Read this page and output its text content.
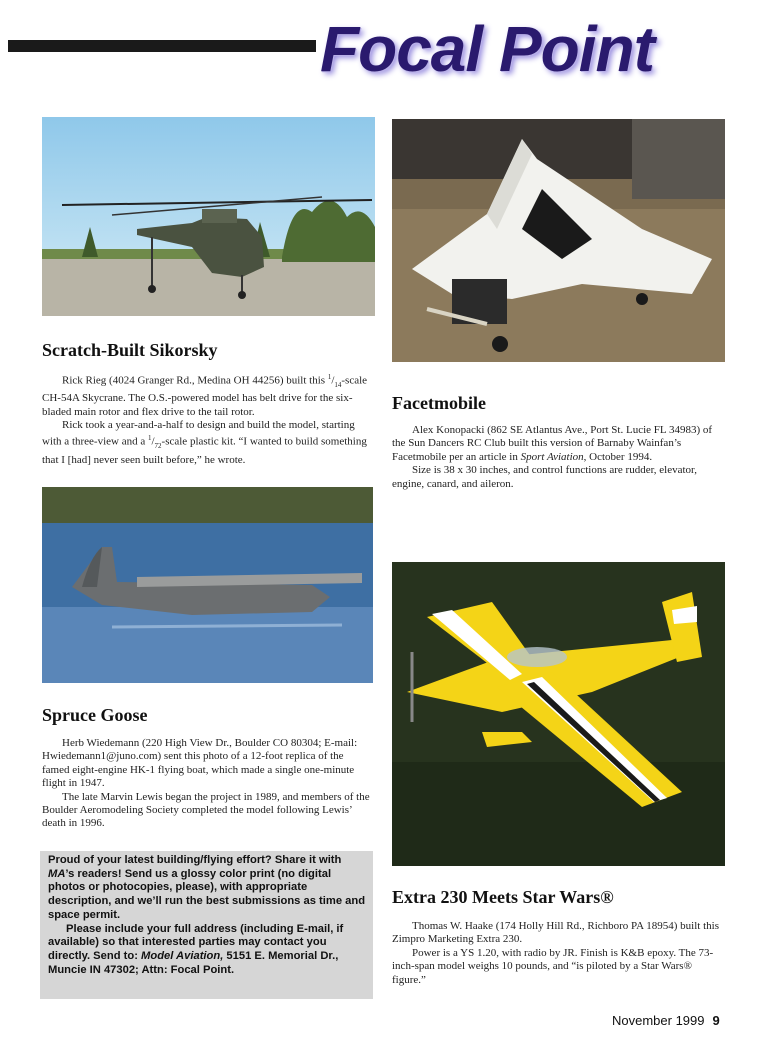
Focal Point
Scratch-Built Sikorsky

Rick Rieg (4024 Granger Rd., Medina OH 44256) built this $^1/_{14}$-scale CH-54A Skycrane. The O.S.-powered model has belt drive for the six-bladed main rotor and flex drive to the tail rotor.

Rick took a year-and-a-half to design and build the model, starting with a three-view and a $^1/_{72}$-scale plastic kit. “I wanted to build something that I [had] never seen built before,” he wrote.

Facetmobile

Alex Konopacki (862 SE Atlantus Ave., Port St. Lucie FL 34983) of the Sun Dancers RC Club built this version of Barnaby Wainfan’s Facetmobile per an article in Sport Aviation, October 1994.

Size is 38 x 30 inches, and control functions are rudder, elevator, engine, canard, and aileron.

Spruce Goose

Herb Wiedemann (220 High View Dr., Boulder CO 80304; E-mail: Hwiedemann1@juno.com) sent this photo of a 12-foot replica of the famed eight-engine HK-1 flying boat, which made a single one-minute flight in 1947.

The late Marvin Lewis began the project in 1989, and members of the Boulder Aeromodeling Society completed the model following Lewis’ death in 1996.

Extra 230 Meets Star Wars®

Thomas W. Haake (174 Holly Hill Rd., Richboro PA 18954) built this Zimpro Marketing Extra 230.

Power is a YS 1.20, with radio by JR. Finish is K&B epoxy. The 73-inch-span model weighs 10 pounds, and “is piloted by a Star Wars® figure.”

Proud of your latest building/flying effort? Share it with MA’s readers! Send us a glossy color print (no digital photos or photocopies, please), with appropriate description, and we’ll run the best submissions as time and space permit.

Please include your full address (including E-mail, if available) so that interested parties may contact you directly. Send to: Model Aviation, 5151 E. Memorial Dr., Muncie IN 47302; Attn: Focal Point.

November 1999 9
